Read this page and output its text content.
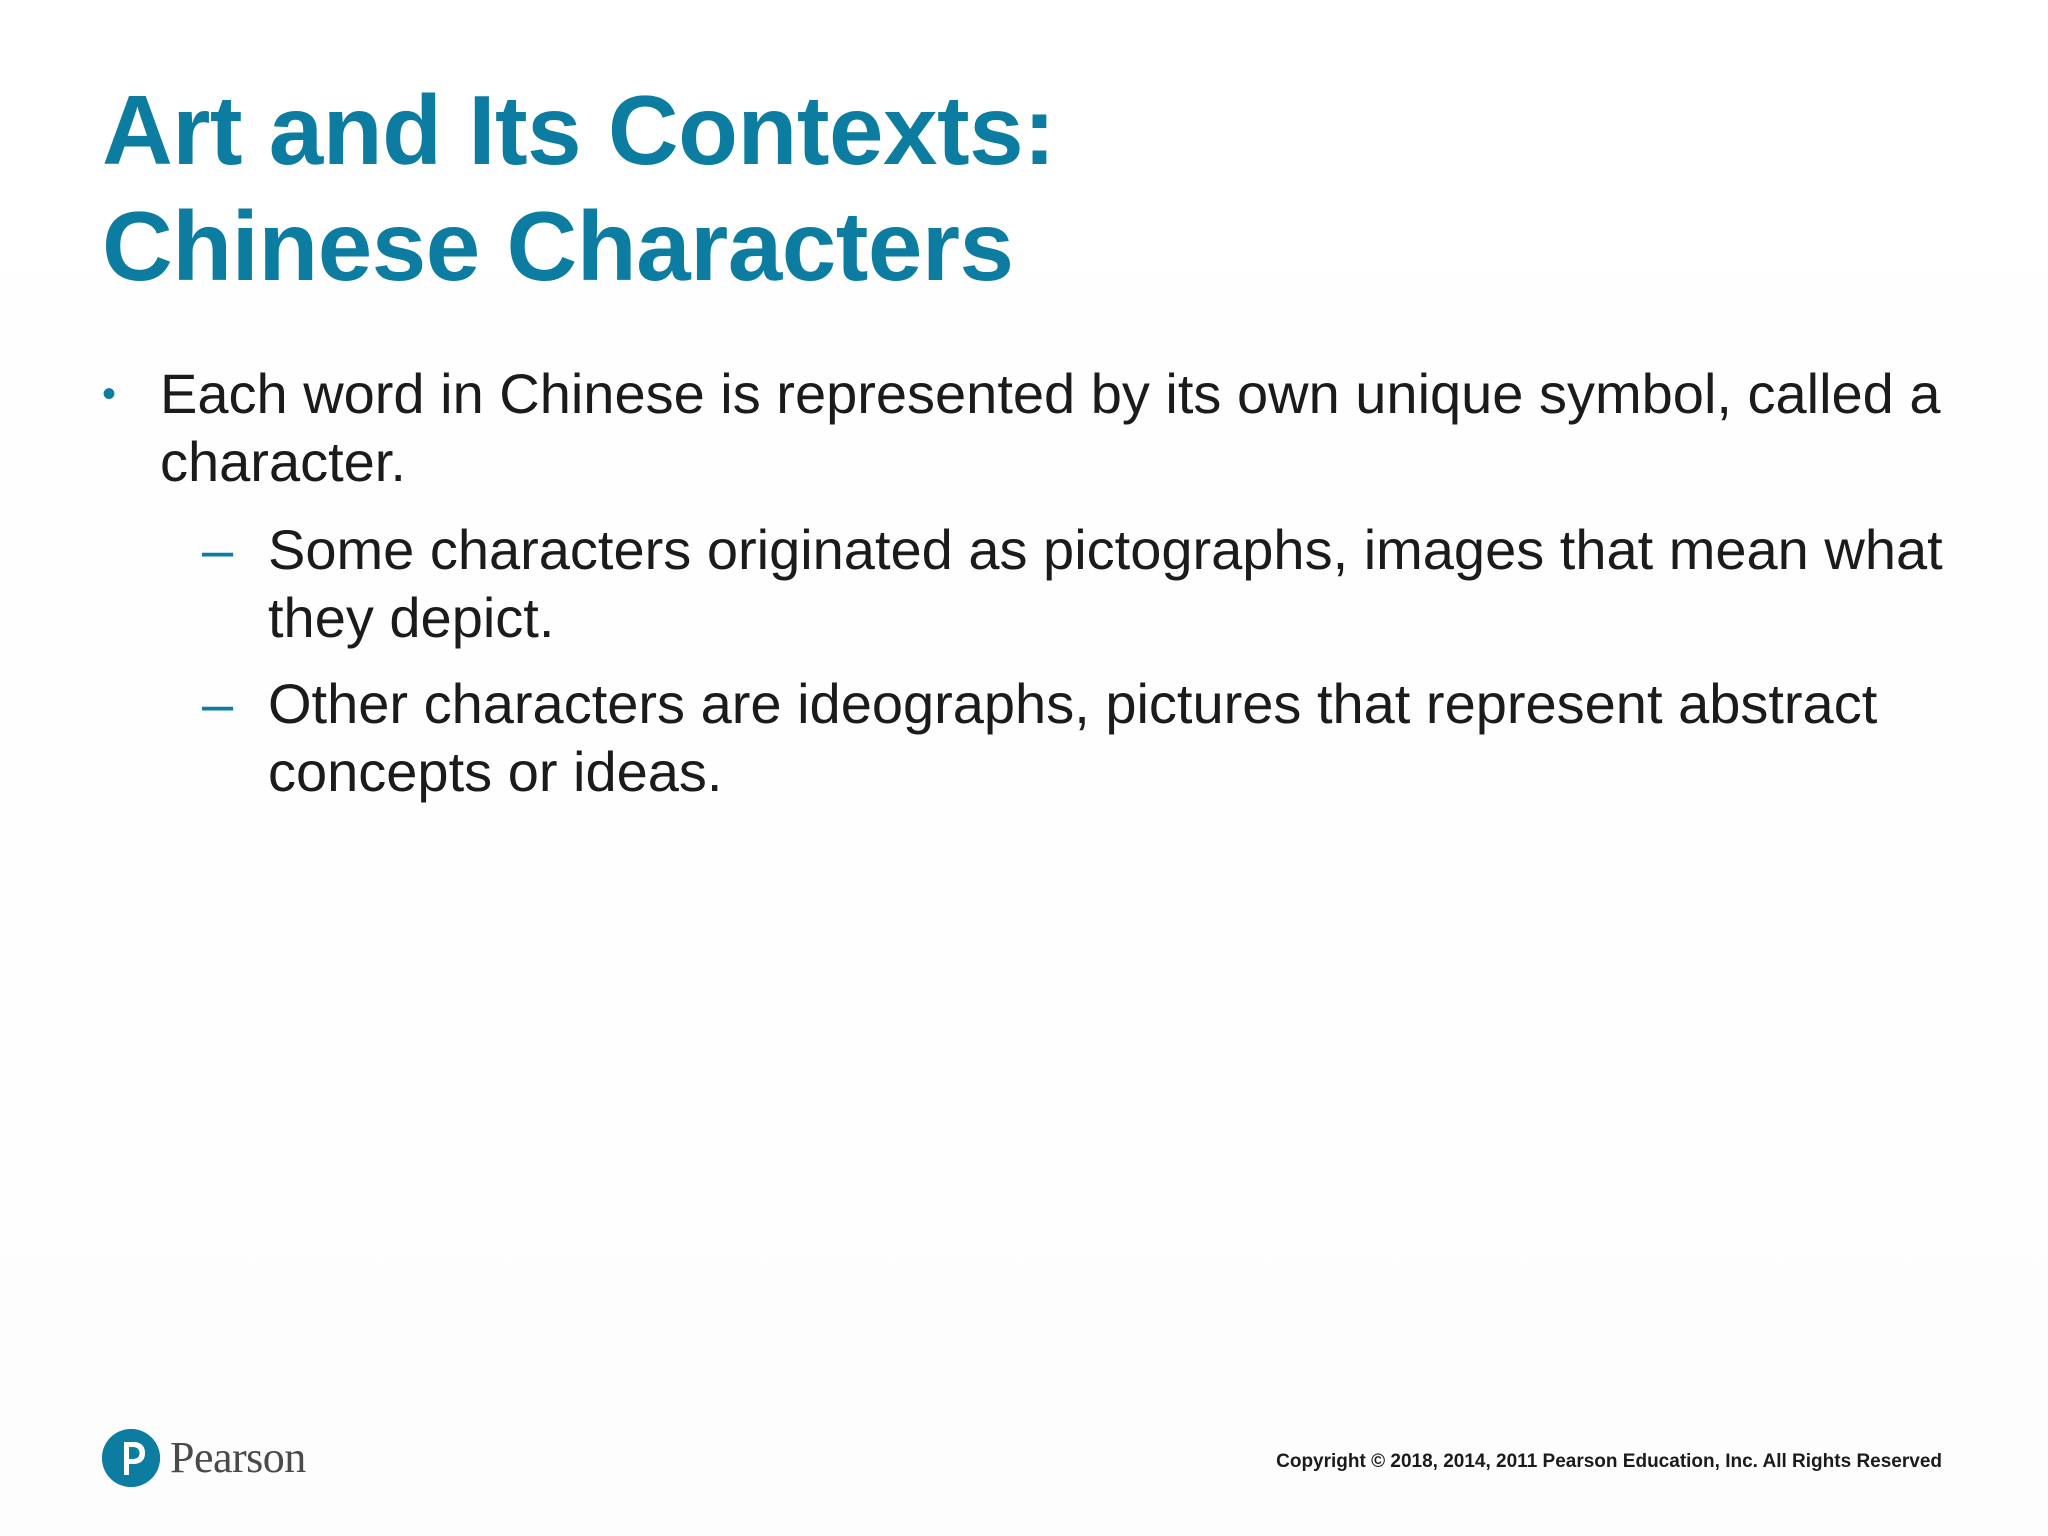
Art and Its Contexts:
Chinese Characters
• Each word in Chinese is represented by its own unique symbol, called a character.
– Some characters originated as pictographs, images that mean what they depict.
– Other characters are ideographs, pictures that represent abstract concepts or ideas.
Pearson	Copyright © 2018, 2014, 2011 Pearson Education, Inc. All Rights Reserved
